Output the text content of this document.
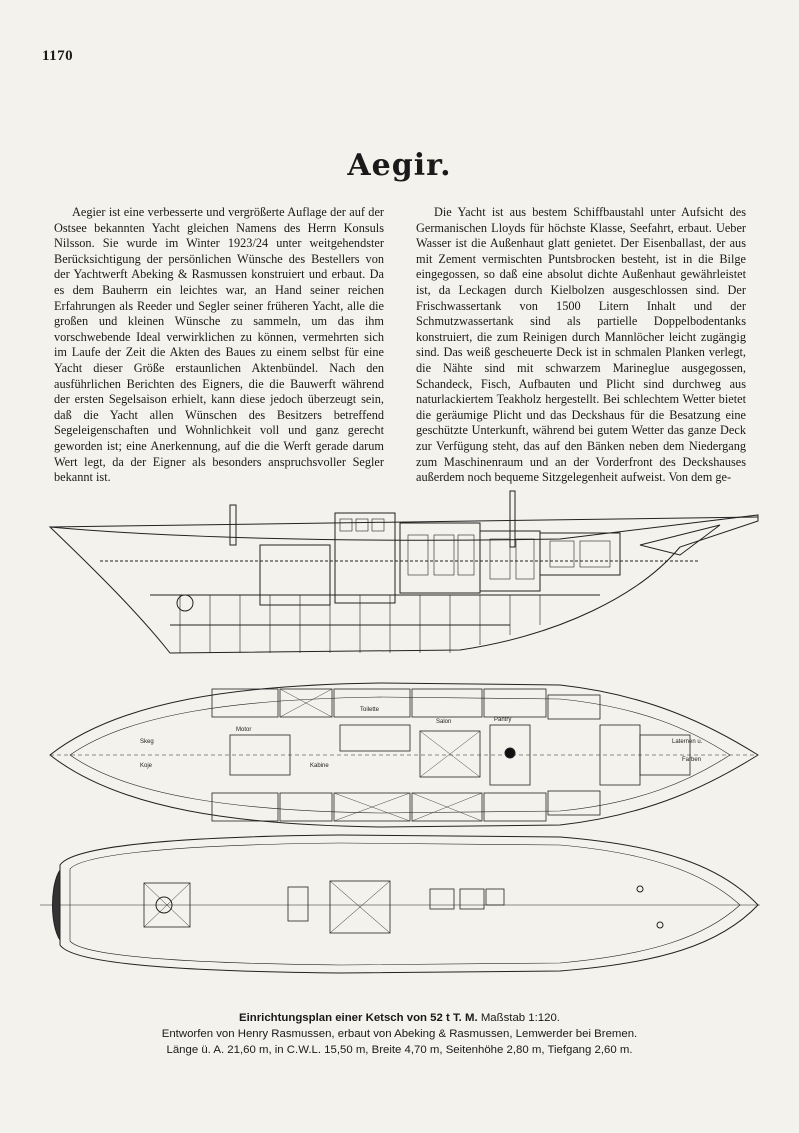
1170
Aegir.
Aegier ist eine verbesserte und vergrößerte Auflage der auf der Ostsee bekannten Yacht gleichen Namens des Herrn Konsuls Nilsson. Sie wurde im Winter 1923/24 unter weitgehendster Berücksichtigung der persönlichen Wünsche des Bestellers von der Yachtwerft Abeking & Rasmussen konstruiert und erbaut. Da es dem Bauherrn ein leichtes war, an Hand seiner reichen Erfahrungen als Reeder und Segler seiner früheren Yacht, alle die großen und kleinen Wünsche zu sammeln, um das ihm vorschwebende Ideal verwirklichen zu können, vermehrten sich im Laufe der Zeit die Akten des Baues zu einem selbst für eine Yacht dieser Größe erstaunlichen Aktenbündel. Nach den ausführlichen Berichten des Eigners, die die Bauwerft während der ersten Segelsaison erhielt, kann diese jedoch überzeugt sein, daß die Yacht allen Wünschen des Besitzers betreffend Segeleigenschaften und Wohnlichkeit voll und ganz gerecht geworden ist; eine Anerkennung, auf die die Werft gerade darum Wert legt, da der Eigner als besonders anspruchsvoller Segler bekannt ist.
Die Yacht ist aus bestem Schiffbaustahl unter Aufsicht des Germanischen Lloyds für höchste Klasse, Seefahrt, erbaut. Ueber Wasser ist die Außenhaut glatt genietet. Der Eisenballast, der aus mit Zement vermischten Puntsbrocken besteht, ist in die Bilge eingegossen, so daß eine absolut dichte Außenhaut gewährleistet ist, da Leckagen durch Kielbolzen ausgeschlossen sind. Der Frischwassertank von 1500 Litern Inhalt und der Schmutzwassertank sind als partielle Doppelbodentanks konstruiert, die zum Reinigen durch Mannlöcher leicht zugängig sind. Das weiß gescheuerte Deck ist in schmalen Planken verlegt, die Nähte sind mit schwarzem Marineglue ausgegossen, Schandeck, Fisch, Aufbauten und Plicht sind durchweg aus naturlackiertem Teakholz hergestellt. Bei schlechtem Wetter bietet die geräumige Plicht und das Deckshaus für die Besatzung eine geschützte Unterkunft, während bei gutem Wetter das ganze Deck zur Verfügung steht, das auf den Bänken neben dem Niedergang zum Maschinenraum und an der Vorderfront des Deckshauses außerdem noch bequeme Sitzgelegenheit aufweist. Von dem ge-
Skeg
Koje
Motor
Salon	Pantry
Toilette
Kabine
Laternen u.
Farben
Einrichtungsplan einer Ketsch von 52 t T. M. Maßstab 1:120.
Entworfen von Henry Rasmussen, erbaut von Abeking & Rasmussen, Lemwerder bei Bremen.
Länge ü. A. 21,60 m, in C.W.L. 15,50 m, Breite 4,70 m, Seitenhöhe 2,80 m, Tiefgang 2,60 m.
